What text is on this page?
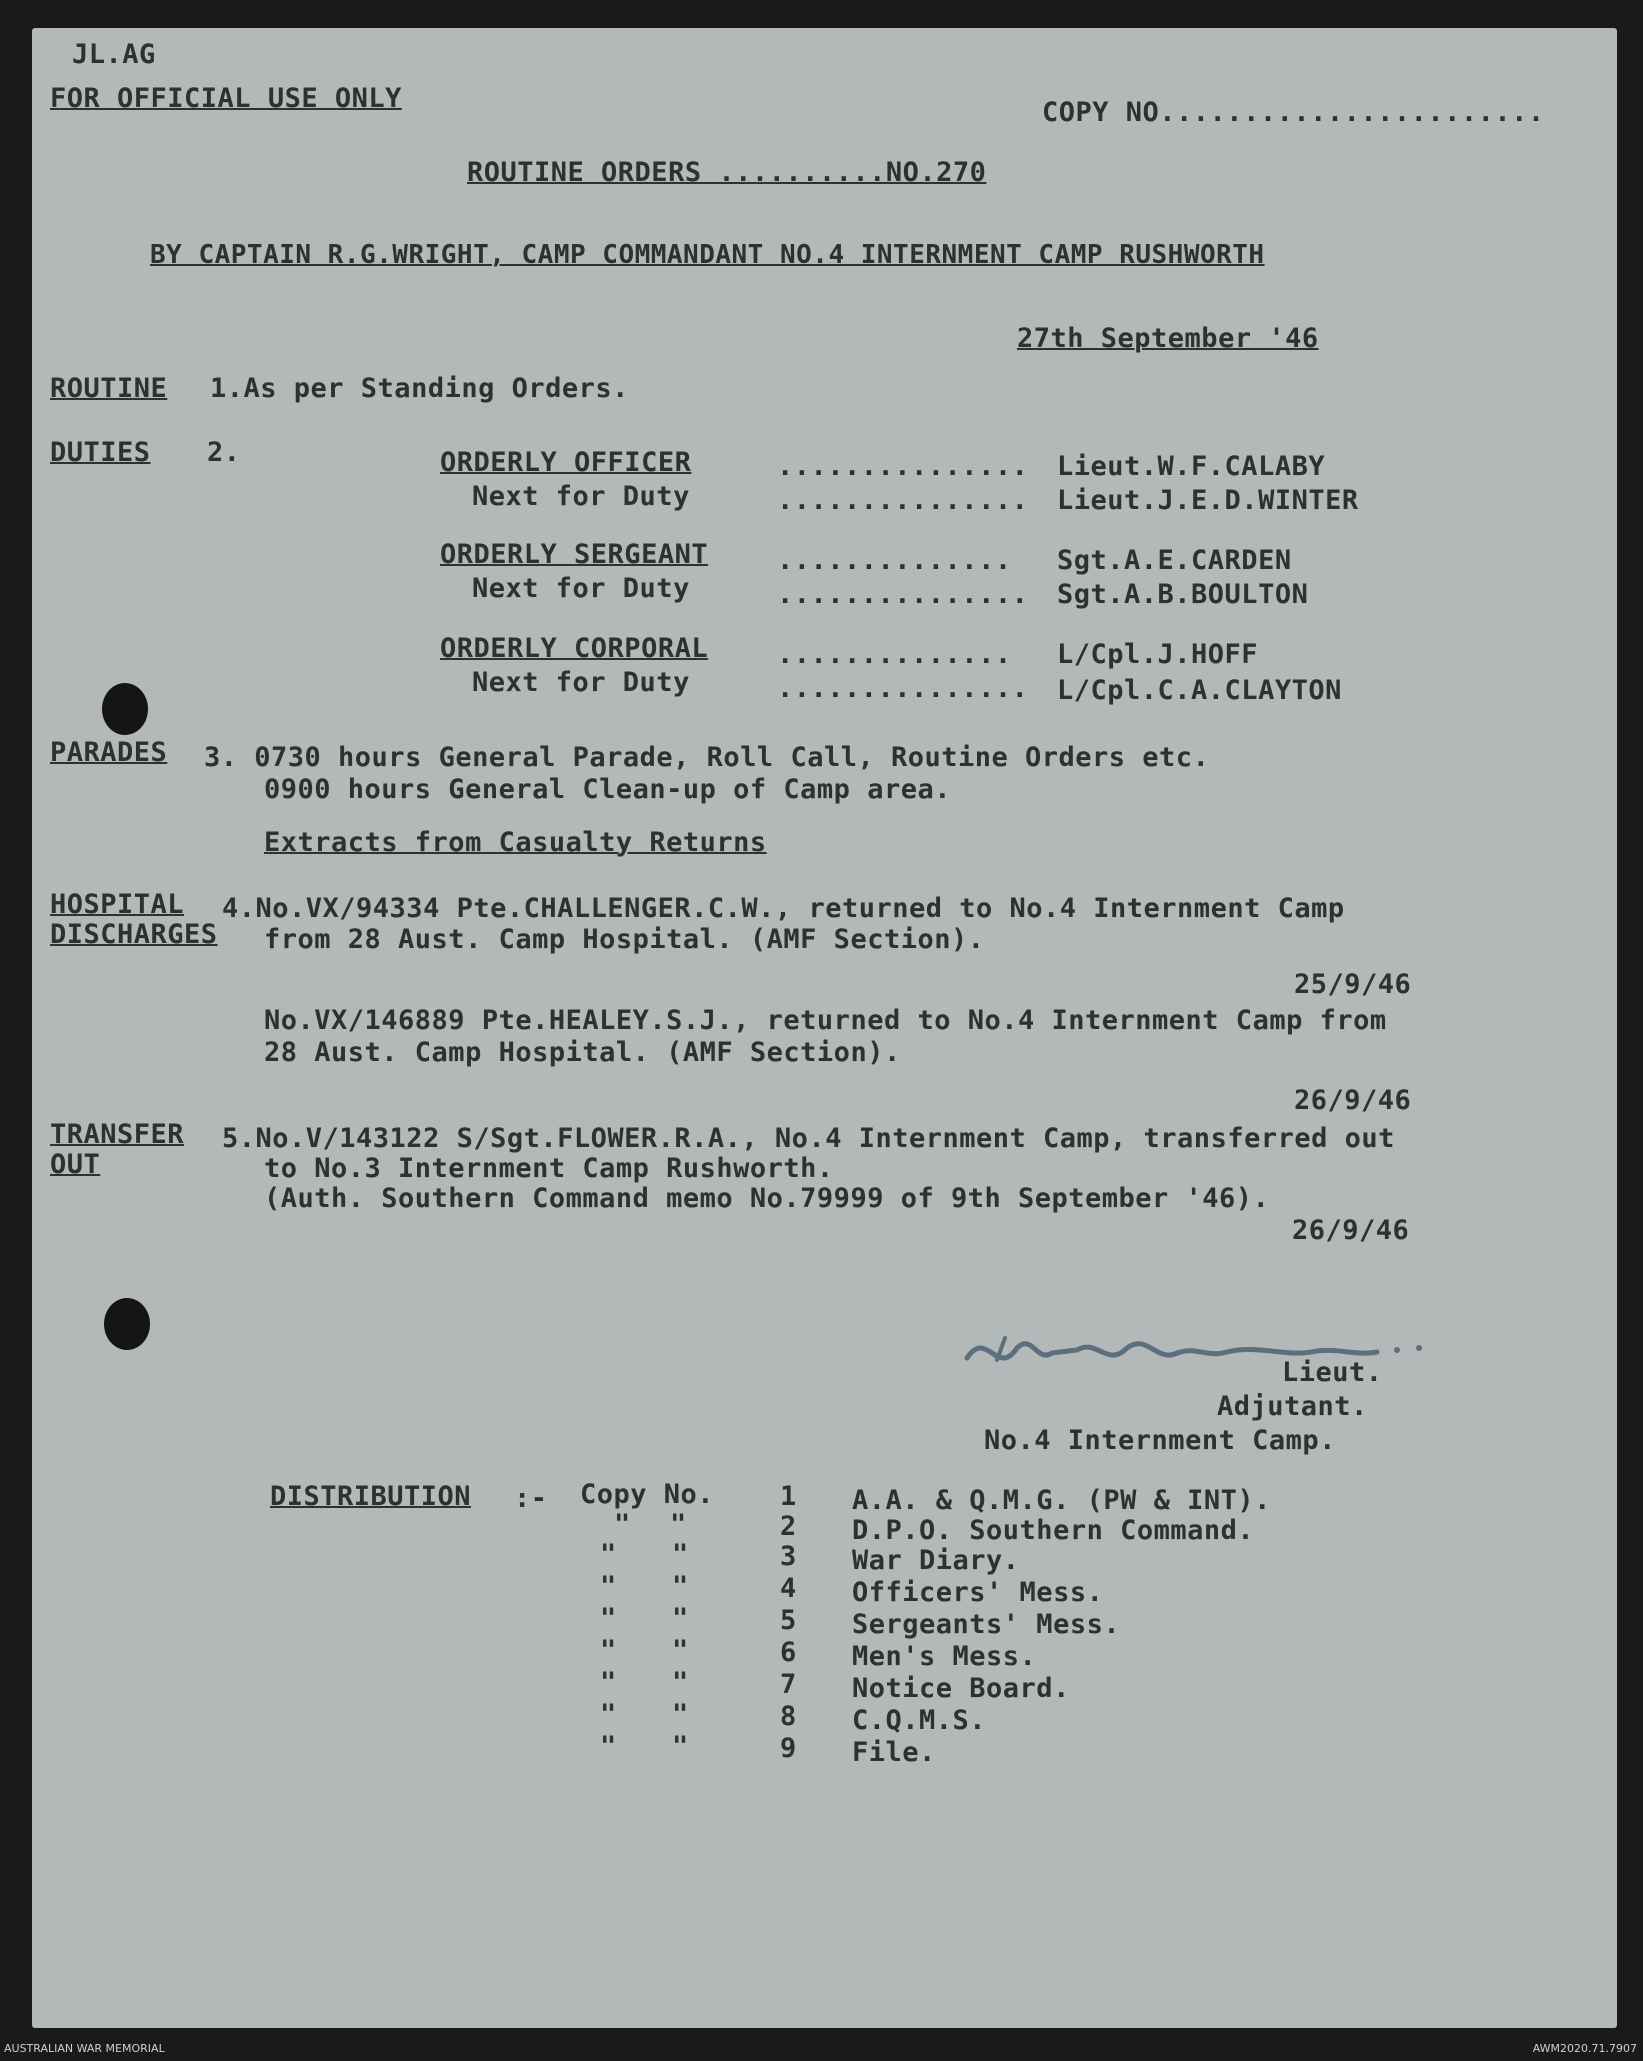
JL.AG
FOR OFFICIAL USE ONLY	COPY NO.......................
ROUTINE ORDERS ..........NO.270
BY CAPTAIN R.G.WRIGHT, CAMP COMMANDANT NO.4 INTERNMENT CAMP RUSHWORTH
27th September '46
ROUTINE 1.As per Standing Orders.
DUTIES 2.	ORDERLY OFFICER	............... Lieut.W.F.CALABY
Next for Duty	............... Lieut.J.E.D.WINTER
ORDERLY SERGEANT	.............. Sgt.A.E.CARDEN
Next for Duty	............... Sgt.A.B.BOULTON
ORDERLY CORPORAL	.............. L/Cpl.J.HOFF
Next for Duty	............... L/Cpl.C.A.CLAYTON
PARADES 3. 0730 hours General Parade, Roll Call, Routine Orders etc.
0900 hours General Clean-up of Camp area.
Extracts from Casualty Returns
HOSPITAL
DISCHARGES
4.No.VX/94334 Pte.CHALLENGER.C.W., returned to No.4 Internment Camp
from 28 Aust. Camp Hospital. (AMF Section).
25/9/46
No.VX/146889 Pte.HEALEY.S.J., returned to No.4 Internment Camp from
28 Aust. Camp Hospital. (AMF Section).
26/9/46
TRANSFER
OUT
5.No.V/143122 S/Sgt.FLOWER.R.A., No.4 Internment Camp, transferred out
to No.3 Internment Camp Rushworth.
(Auth. Southern Command memo No.79999 of 9th September '46).
26/9/46
Lieut.
Adjutant.
No.4 Internment Camp.
DISTRIBUTION :- Copy No. 1 A.A. & Q.M.G. (PW & INT).
" "	2 D.P.O. Southern Command.
" "	3 War Diary.
" "	4 Officers' Mess.
" "	5 Sergeants' Mess.
" "	6 Men's Mess.
" "	7 Notice Board.
" "	8 C.Q.M.S.
" "	9 File.
AUSTRALIAN WAR MEMORIAL	AWM2020.71.7907
